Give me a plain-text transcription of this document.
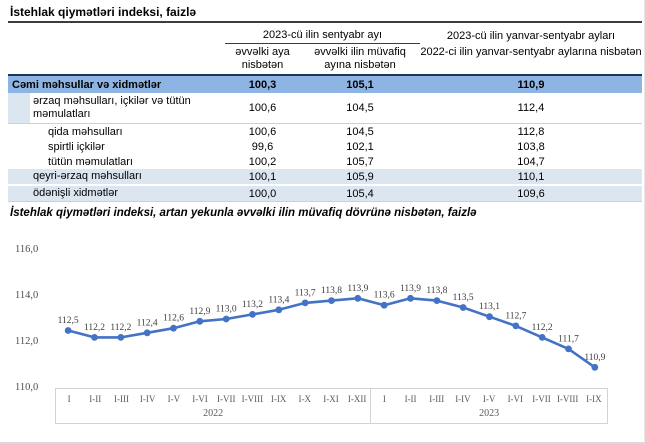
İstehlak qiymətləri indeksi, faizlə
2023-cü ilin sentyabr ayı	2023-cü ilin yanvar-sentyabr ayları
əvvəlki aya nisbətən
əvvəlki ilin müvafiq ayına nisbətən
2022-ci ilin yanvar-sentyabr aylarına nisbətən
Cəmi məhsullar və xidmətlər	100,3	105,1	110,9
ərzaq məhsulları, içkilər və tütün məmulatları	100,6	104,5	112,4
qida məhsulları	100,6	104,5	112,8
spirtli içkilər	99,6	102,1	103,8
tütün məmulatları	100,2	105,7	104,7
qeyri-ərzaq məhsulları	100,1	105,9	110,1
ödənişli xidmətlər	100,0	105,4	109,6
İstehlak qiymətləri indeksi, artan yekunla əvvəlki ilin müvafiq dövrünə nisbətən, faizlə
116,0
114,0
112,0
110,0
112,5
112,2 112,2 112,4 112,6
112,9 113,0 113,2 113,4
113,7 113,8 113,9
113,6
113,9 113,8
113,5
113,1
112,7
112,2
111,7
110,9
I	I-II	I-III	I-IV	I-V	I-VI	I-VII I-VIII I-IX	I-X	I-XI	I-XII
2022
I	I-II	I-III	I-IV	I-V	I-VI	I-VII I-VIII I-IX
2023
